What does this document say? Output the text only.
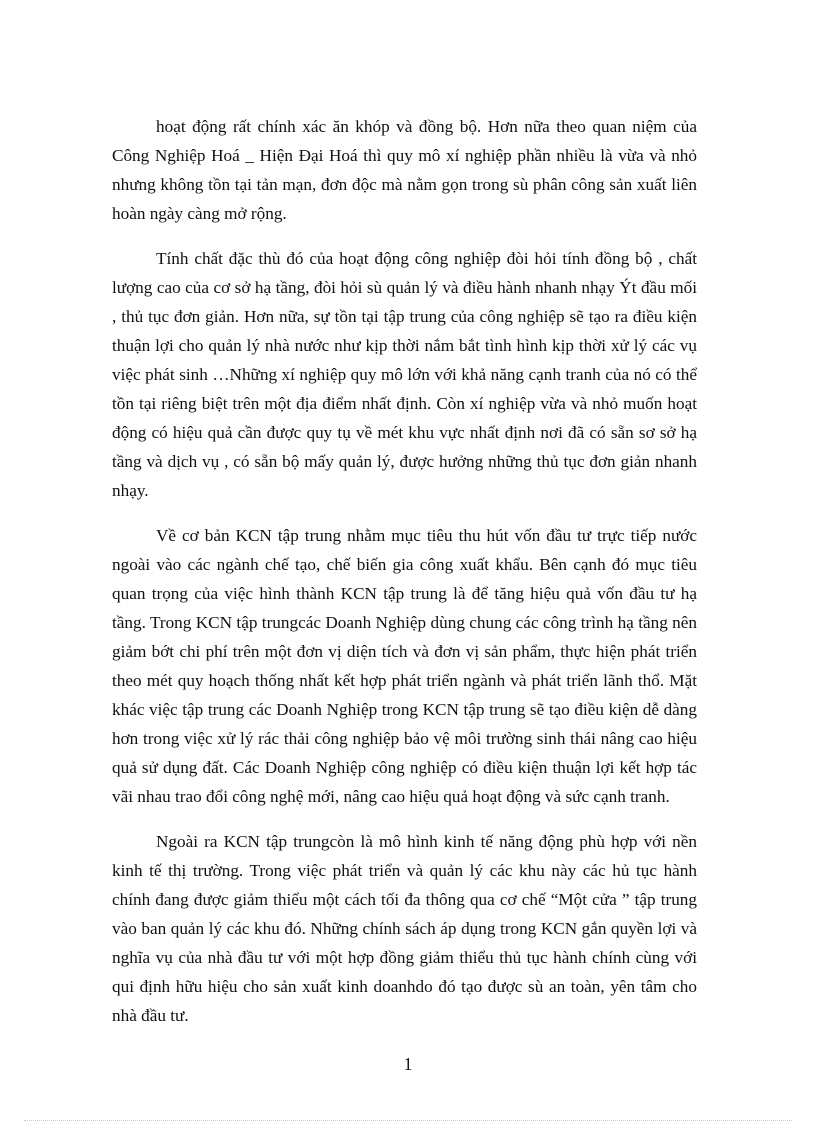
hoạt động rất chính xác ăn khóp và đồng bộ. Hơn nữa theo quan niệm của Công Nghiệp Hoá _ Hiện Đại Hoá thì quy mô xí nghiệp phần nhiều là vừa và nhỏ nhưng không tồn tại tản mạn, đơn độc mà nằm gọn trong sù phân công sản xuất liên hoàn ngày càng mở rộng.

Tính chất đặc thù đó của hoạt động công nghiệp đòi hỏi tính đồng bộ , chất lượng cao của cơ sở hạ tầng, đòi hỏi sù quản lý và điều hành nhanh nhạy Ýt đầu mối , thủ tục đơn giản. Hơn nữa, sự tồn tại tập trung của công nghiệp sẽ tạo ra điều kiện thuận lợi cho quản lý nhà nước như kịp thời nắm bắt tình hình kịp thời xử lý các vụ việc phát sinh …Những xí nghiệp quy mô lớn với khả năng cạnh tranh của nó có thể tồn tại riêng biệt trên một địa điểm nhất định. Còn xí nghiệp vừa và nhỏ muốn hoạt động có hiệu quả cần được quy tụ về mét khu vực nhất định nơi đã có sẵn sơ sở hạ tầng và dịch vụ , có sẵn bộ mấy quản lý, được hưởng những thủ tục đơn giản nhanh nhạy.

Về cơ bản KCN tập trung nhằm mục tiêu thu hút vốn đầu tư trực tiếp nước ngoài vào các ngành chế tạo, chế biến gia công xuất khẩu. Bên cạnh đó mục tiêu quan trọng của việc hình thành KCN tập trung là để tăng hiệu quả vốn đầu tư hạ tầng. Trong KCN tập trungcác Doanh Nghiệp dùng chung các công trình hạ tầng nên giảm bớt chi phí trên một đơn vị diện tích và đơn vị sản phẩm, thực hiện phát triển theo mét quy hoạch thống nhất kết hợp phát triển ngành và phát triển lãnh thổ. Mặt khác việc tập trung các Doanh Nghiệp trong KCN tập trung sẽ tạo điều kiện dễ dàng hơn trong việc xử lý rác thải công nghiệp bảo vệ môi trường sinh thái nâng cao hiệu quả sử dụng đất. Các Doanh Nghiệp công nghiệp có điều kiện thuận lợi kết hợp tác vãi nhau trao đổi công nghệ mới, nâng cao hiệu quả hoạt động và sức cạnh tranh.

Ngoài ra KCN tập trungcòn là mô hình kinh tế năng động phù hợp với nền kinh tế thị trường. Trong việc phát triển và quản lý các khu này các hủ tục hành chính đang được giảm thiểu một cách tối đa thông qua cơ chế “Một cửa ” tập trung vào ban quản lý các khu đó. Những chính sách áp dụng trong KCN gắn quyền lợi và nghĩa vụ của nhà đầu tư với một hợp đồng giảm thiểu thủ tục hành chính cùng với qui định hữu hiệu cho sản xuất kinh doanhdo đó tạo được sù an toàn, yên tâm cho nhà đầu tư.

1
